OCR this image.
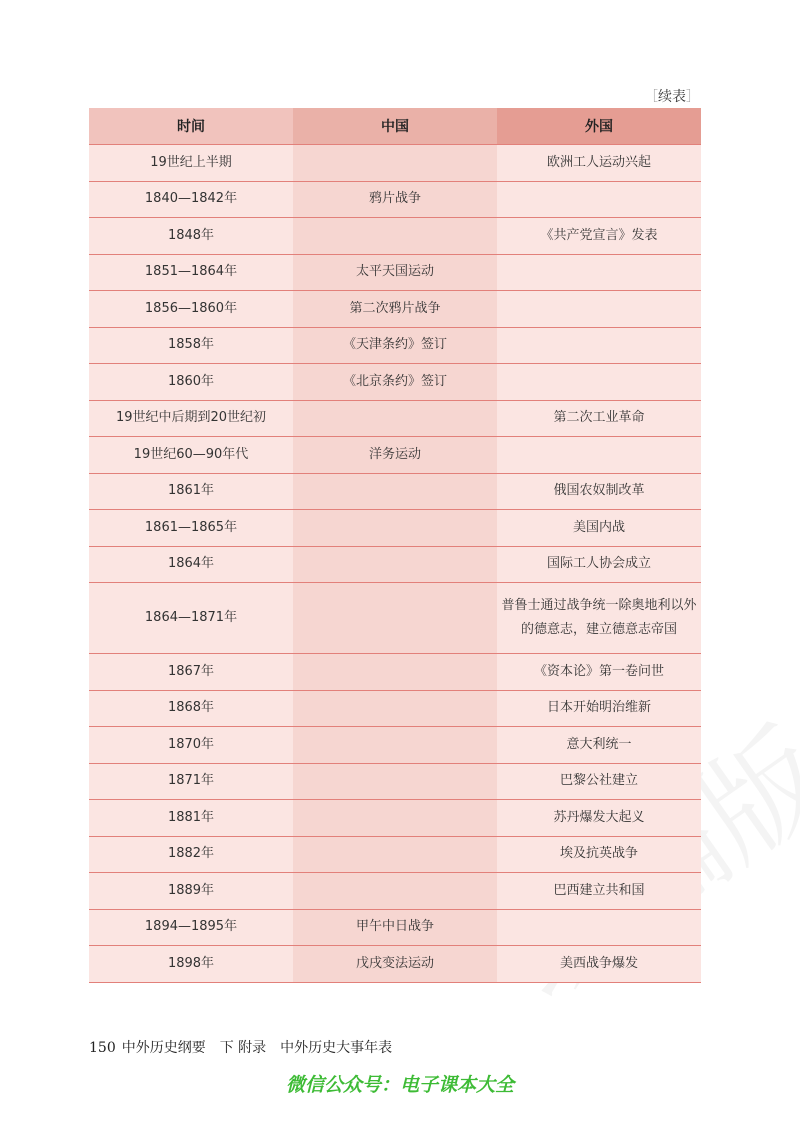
［续表］
时间	中国	外国
19世纪上半期		欧洲工人运动兴起
1840—1842年	鸦片战争	
1848年		《共产党宣言》发表
1851—1864年	太平天国运动	
1856—1860年	第二次鸦片战争	
1858年	《天津条约》签订	
1860年	《北京条约》签订	
19世纪中后期到20世纪初		第二次工业革命
19世纪60—90年代	洋务运动	
1861年		俄国农奴制改革
1861—1865年		美国内战
1864年		国际工人协会成立
1864—1871年		普鲁士通过战争统一除奥地利以外的德意志，建立德意志帝国
1867年		《资本论》第一卷问世
1868年		日本开始明治维新
1870年		意大利统一
1871年		巴黎公社建立
1881年		苏丹爆发大起义
1882年		埃及抗英战争
1889年		巴西建立共和国
1894—1895年	甲午中日战争	
1898年	戊戌变法运动	美西战争爆发
150 中外历史纲要　下 附录　中外历史大事年表
微信公众号：电子课本大全
